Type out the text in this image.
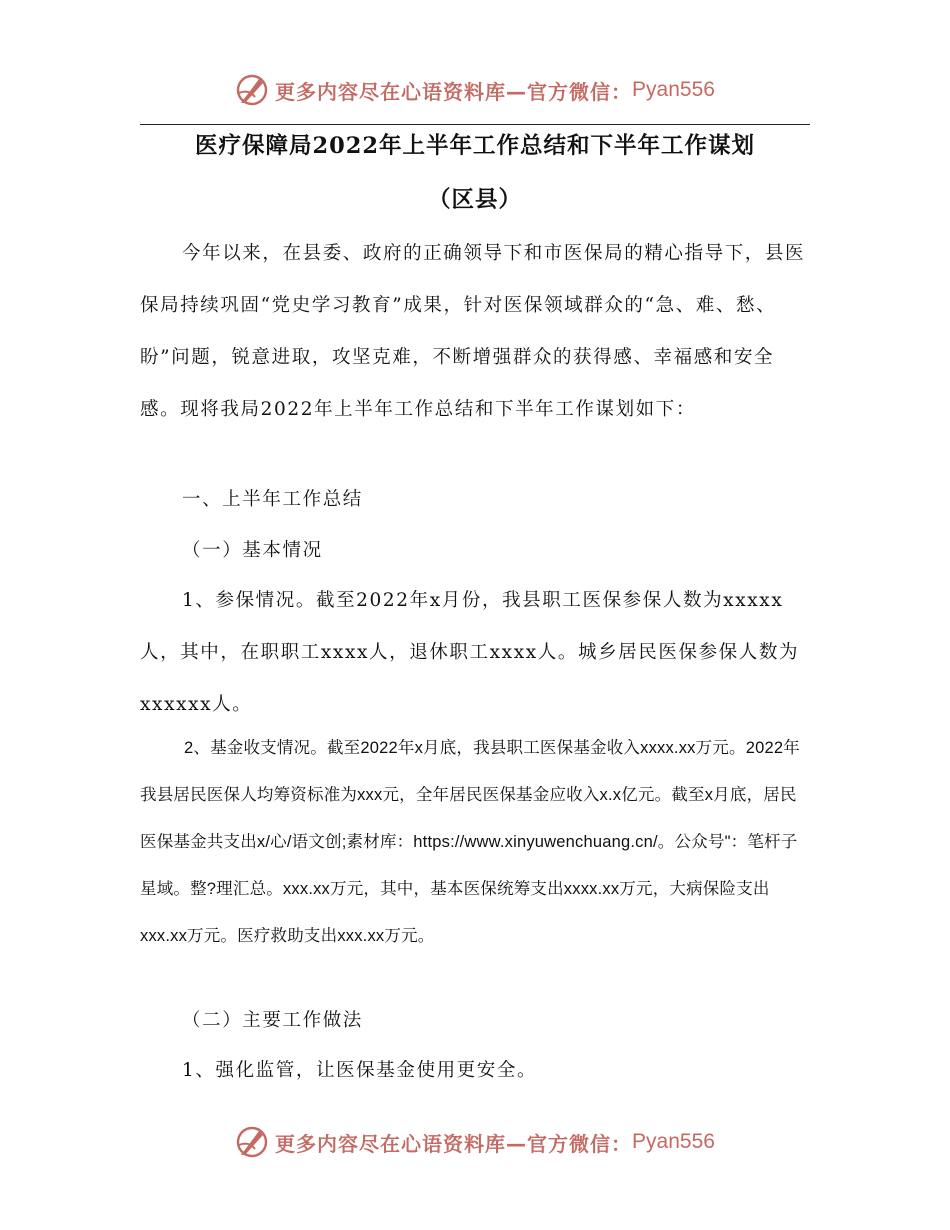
更多内容尽在心语资料库—官方微信： Pyan556
医疗保障局2022年上半年工作总结和下半年工作谋划
（区县）

今年以来，在县委、政府的正确领导下和市医保局的精心指导下，县医保局持续巩固“党史学习教育”成果，针对医保领域群众的“急、难、愁、盼”问题，锐意进取，攻坚克难，不断增强群众的获得感、幸福感和安全感。现将我局2022年上半年工作总结和下半年工作谋划如下：

一、上半年工作总结

（一）基本情况

1、参保情况。截至2022年x月份，我县职工医保参保人数为xxxxx人，其中，在职职工xxxx人，退休职工xxxx人。城乡居民医保参保人数为xxxxxx人。

2、基金收支情况。截至2022年x月底，我县职工医保基金收入xxxx.xx万元。2022年我县居民医保人均筹资标准为xxx元，全年居民医保基金应收入x.x亿元。截至x月底，居民医保基金共支出x/心/语文创;素材库：https://www.xinyuwenchuang.cn/。公众号"：笔杆子星域。整?理汇总。xxx.xx万元，其中，基本医保统筹支出xxxx.xx万元，大病保险支出xxx.xx万元。医疗救助支出xxx.xx万元。

（二）主要工作做法

1、强化监管，让医保基金使用更安全。

更多内容尽在心语资料库—官方微信： Pyan556
